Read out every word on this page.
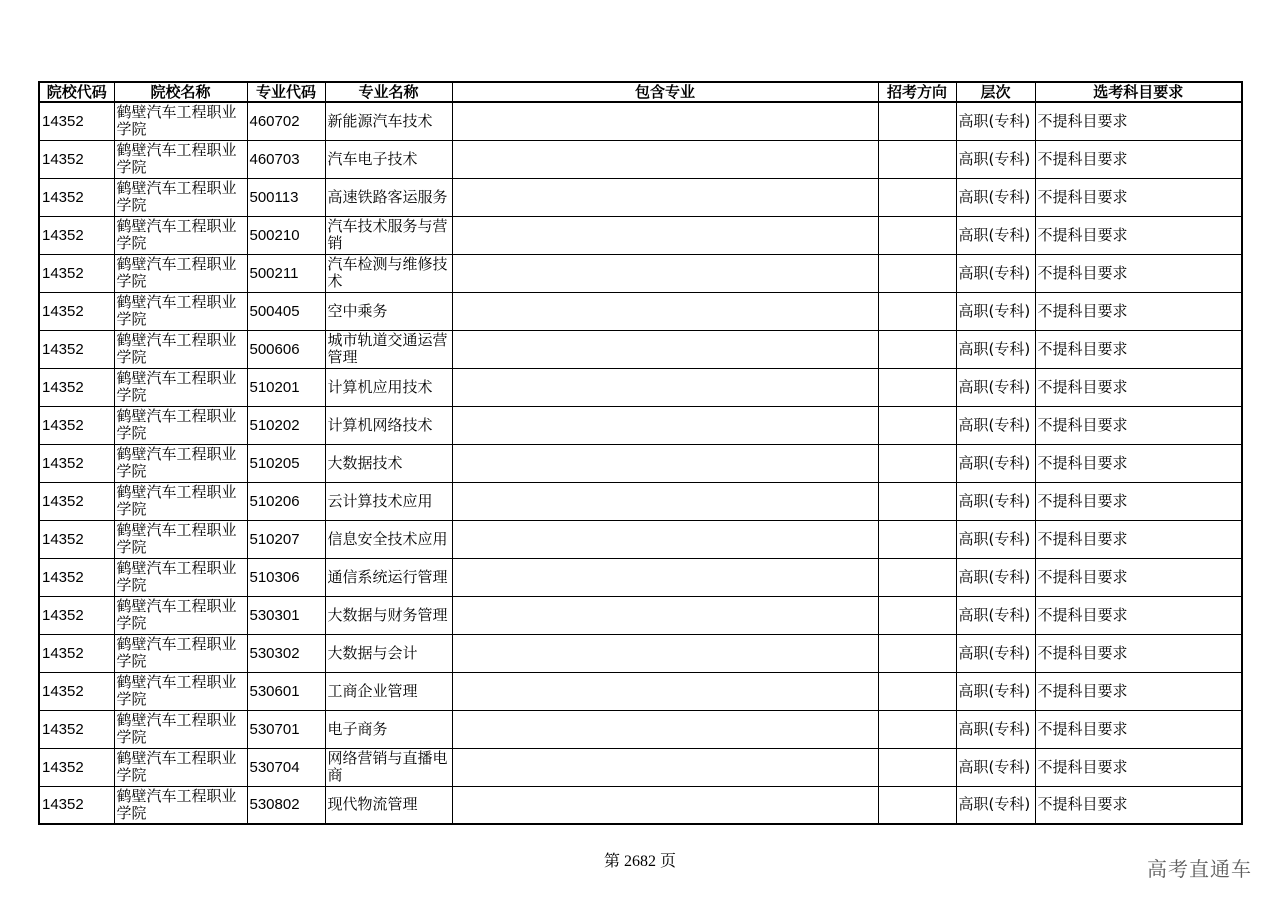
院校代码	院校名称	专业代码	专业名称	包含专业	招考方向	层次	选考科目要求
14352	鹤壁汽车工程职业学院	460702	新能源汽车技术			高职(专科)	不提科目要求
14352	鹤壁汽车工程职业学院	460703	汽车电子技术			高职(专科)	不提科目要求
14352	鹤壁汽车工程职业学院	500113	高速铁路客运服务			高职(专科)	不提科目要求
14352	鹤壁汽车工程职业学院	500210	汽车技术服务与营销			高职(专科)	不提科目要求
14352	鹤壁汽车工程职业学院	500211	汽车检测与维修技术			高职(专科)	不提科目要求
14352	鹤壁汽车工程职业学院	500405	空中乘务			高职(专科)	不提科目要求
14352	鹤壁汽车工程职业学院	500606	城市轨道交通运营管理			高职(专科)	不提科目要求
14352	鹤壁汽车工程职业学院	510201	计算机应用技术			高职(专科)	不提科目要求
14352	鹤壁汽车工程职业学院	510202	计算机网络技术			高职(专科)	不提科目要求
14352	鹤壁汽车工程职业学院	510205	大数据技术			高职(专科)	不提科目要求
14352	鹤壁汽车工程职业学院	510206	云计算技术应用			高职(专科)	不提科目要求
14352	鹤壁汽车工程职业学院	510207	信息安全技术应用			高职(专科)	不提科目要求
14352	鹤壁汽车工程职业学院	510306	通信系统运行管理			高职(专科)	不提科目要求
14352	鹤壁汽车工程职业学院	530301	大数据与财务管理			高职(专科)	不提科目要求
14352	鹤壁汽车工程职业学院	530302	大数据与会计			高职(专科)	不提科目要求
14352	鹤壁汽车工程职业学院	530601	工商企业管理			高职(专科)	不提科目要求
14352	鹤壁汽车工程职业学院	530701	电子商务			高职(专科)	不提科目要求
14352	鹤壁汽车工程职业学院	530704	网络营销与直播电商			高职(专科)	不提科目要求
14352	鹤壁汽车工程职业学院	530802	现代物流管理			高职(专科)	不提科目要求
第 2682 页	高考直通车
